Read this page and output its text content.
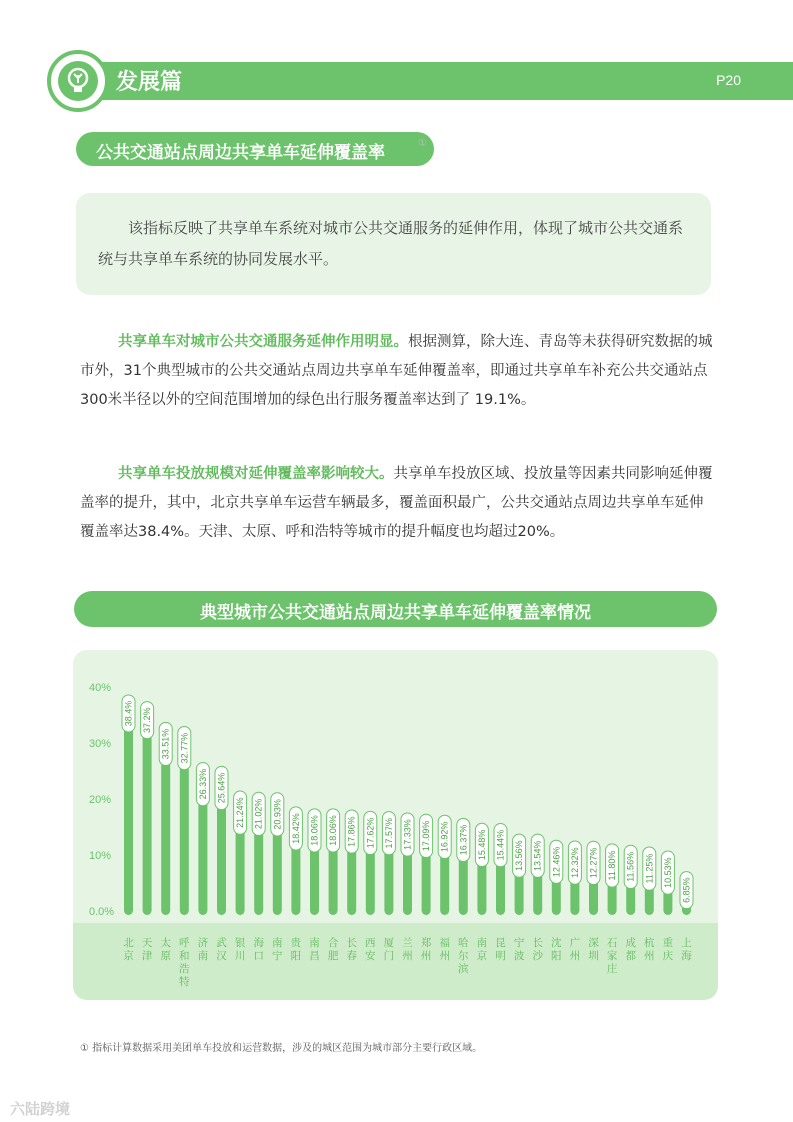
发展篇	P20
公共交通站点周边共享单车延伸覆盖率	①
该指标反映了共享单车系统对城市公共交通服务的延伸作用，体现了城市公共交通系统与共享单车系统的协同发展水平。
共享单车对城市公共交通服务延伸作用明显。根据测算，除大连、青岛等未获得研究数据的城市外，31个典型城市的公共交通站点周边共享单车延伸覆盖率，即通过共享单车补充公共交通站点300米半径以外的空间范围增加的绿色出行服务覆盖率达到了 19.1%。
共享单车投放规模对延伸覆盖率影响较大。共享单车投放区域、投放量等因素共同影响延伸覆盖率的提升，其中，北京共享单车运营车辆最多，覆盖面积最广，公共交通站点周边共享单车延伸覆盖率达38.4%。天津、太原、呼和浩特等城市的提升幅度也均超过20%。
典型城市公共交通站点周边共享单车延伸覆盖率情况
40%
30%
20%
10%
0.0%
38.4%
北京
37.2%
天津
33.51%
太原
32.77%
呼和浩特
26.33%
济南
25.64%
武汉
21.24%
银川
21.02%
海口
20.93%
南宁
18.42%
贵阳
18.06%
南昌
18.06%
合肥
17.86%
长春
17.62%
西安
17.57%
厦门
17.33%
兰州
17.09%
郑州
16.92%
福州
16.37%
哈尔滨
15.48%
南京
15.44%
昆明
13.56%
宁波
13.54%
长沙
12.46%
沈阳
12.32%
广州
12.27%
深圳
11.80%
石家庄
11.56%
成都
11.25%
杭州
10.53%
重庆
6.85%
上海
① 指标计算数据采用美团单车投放和运营数据，涉及的城区范围为城市部分主要行政区域。
六陆跨境
